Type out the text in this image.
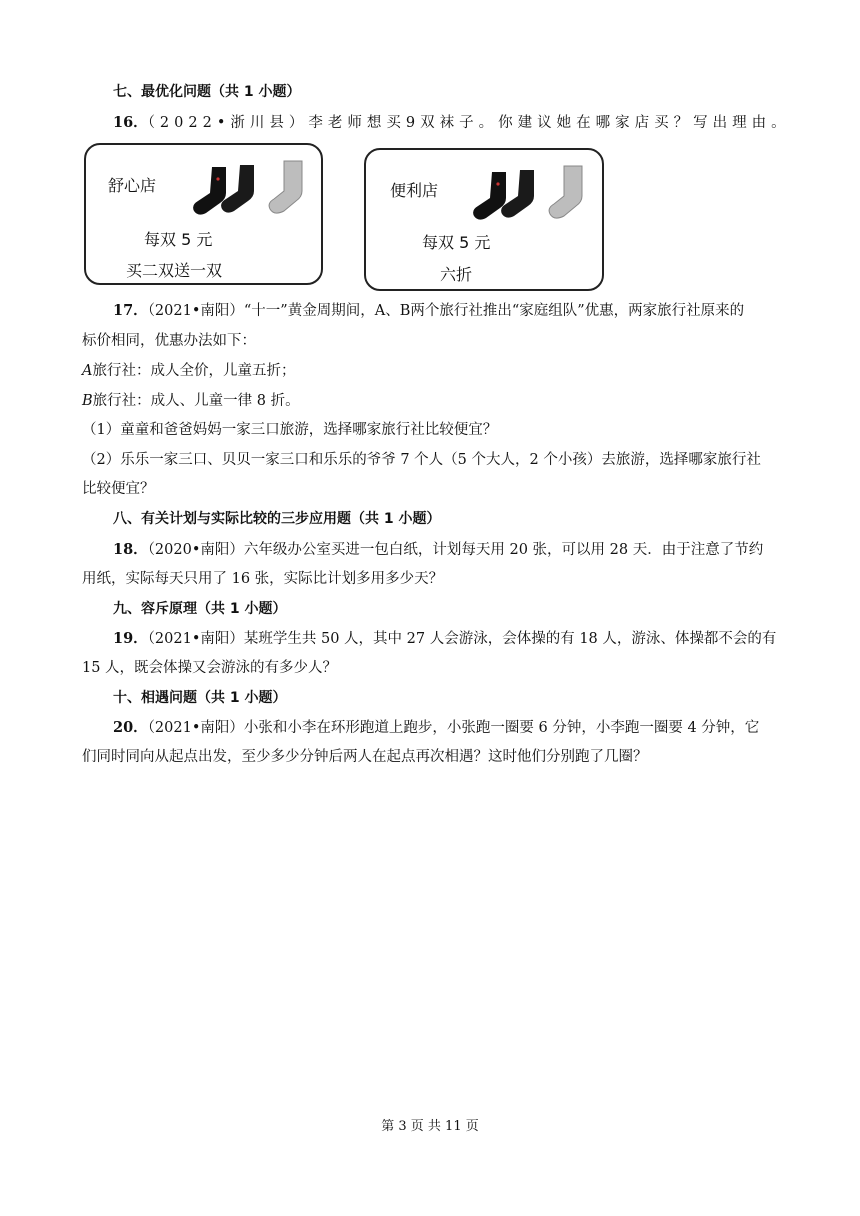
七、最优化问题（共 1 小题）
16．（2022•浙川县）李老师想买9双袜子。你建议她在哪家店买？写出理由。
舒心店
每双 5 元
买二双送一双
便利店
每双 5 元
六折
17．（2021•南阳）“十一”黄金周期间，A、B两个旅行社推出“家庭组队”优惠，两家旅行社原来的
标价相同，优惠办法如下：
A旅行社：成人全价，儿童五折；
B旅行社：成人、儿童一律 8 折。
（1）童童和爸爸妈妈一家三口旅游，选择哪家旅行社比较便宜？
（2）乐乐一家三口、贝贝一家三口和乐乐的爷爷 7 个人（5 个大人，2 个小孩）去旅游，选择哪家旅行社
比较便宜？
八、有关计划与实际比较的三步应用题（共 1 小题）
18．（2020•南阳）六年级办公室买进一包白纸，计划每天用 20 张，可以用 28 天．由于注意了节约
用纸，实际每天只用了 16 张，实际比计划多用多少天？
九、容斥原理（共 1 小题）
19．（2021•南阳）某班学生共 50 人，其中 27 人会游泳，会体操的有 18 人，游泳、体操都不会的有
15 人，既会体操又会游泳的有多少人？
十、相遇问题（共 1 小题）
20．（2021•南阳）小张和小李在环形跑道上跑步，小张跑一圈要 6 分钟，小李跑一圈要 4 分钟，它
们同时同向从起点出发，至少多少分钟后两人在起点再次相遇？这时他们分别跑了几圈？
第 3 页 共 11 页
